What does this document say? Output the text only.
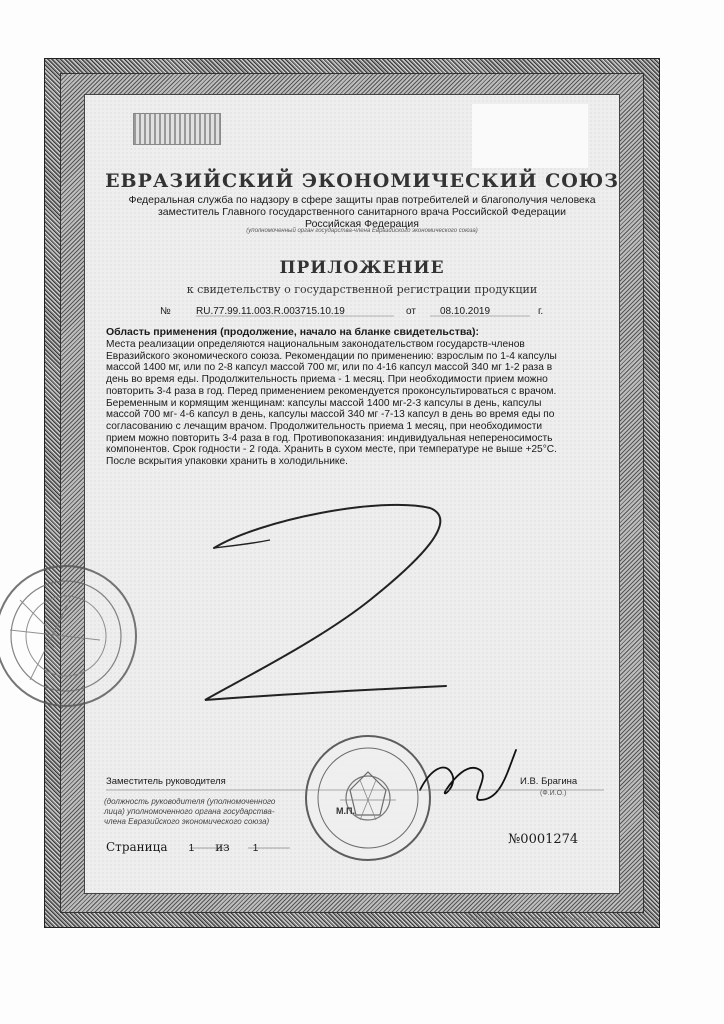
ЕВРАЗИЙСКИЙ ЭКОНОМИЧЕСКИЙ СОЮЗ
Федеральная служба по надзору в сфере защиты прав потребителей и благополучия человека
заместитель Главного государственного санитарного врача Российской Федерации
Российская Федерация
(уполномоченный орган государства-члена Евразийского экономического союза)
ПРИЛОЖЕНИЕ
к свидетельству о государственной регистрации продукции
№	RU.77.99.11.003.R.003715.10.19	от 08.10.2019	г.
Область применения (продолжение, начало на бланке свидетельства):
Места реализации определяются национальным законодательством государств-членов
Евразийского экономического союза. Рекомендации по применению: взрослым по 1-4 капсулы
массой 1400 мг, или по 2-8 капсул массой 700 мг, или по 4-16 капсул массой 340 мг 1-2 раза в
день во время еды. Продолжительность приема - 1 месяц. При необходимости прием можно
повторить 3-4 раза в год. Перед применением рекомендуется проконсультироваться с врачом.
Беременным и кормящим женщинам: капсулы массой 1400 мг-2-3 капсулы в день, капсулы
массой 700 мг- 4-6 капсул в день, капсулы массой 340 мг -7-13 капсул в день во время еды по
согласованию с лечащим врачом. Продолжительность приема 1 месяц, при необходимости
прием можно повторить 3-4 раза в год. Противопоказания: индивидуальная непереносимость
компонентов. Срок годности - 2 года. Хранить в сухом месте, при температуре не выше +25°С.
После вскрытия упаковки хранить в холодильнике.
Заместитель руководителя	И.В. Брагина
(Ф.И.О.)
М.П.
(должность руководителя (уполномоченного
лица) уполномоченного органа государства-
члена Евразийского экономического союза)
Страница 1 из 1
№0001274
© ППФ «Первый оттисной двор», г. Москва, 2019 г.
